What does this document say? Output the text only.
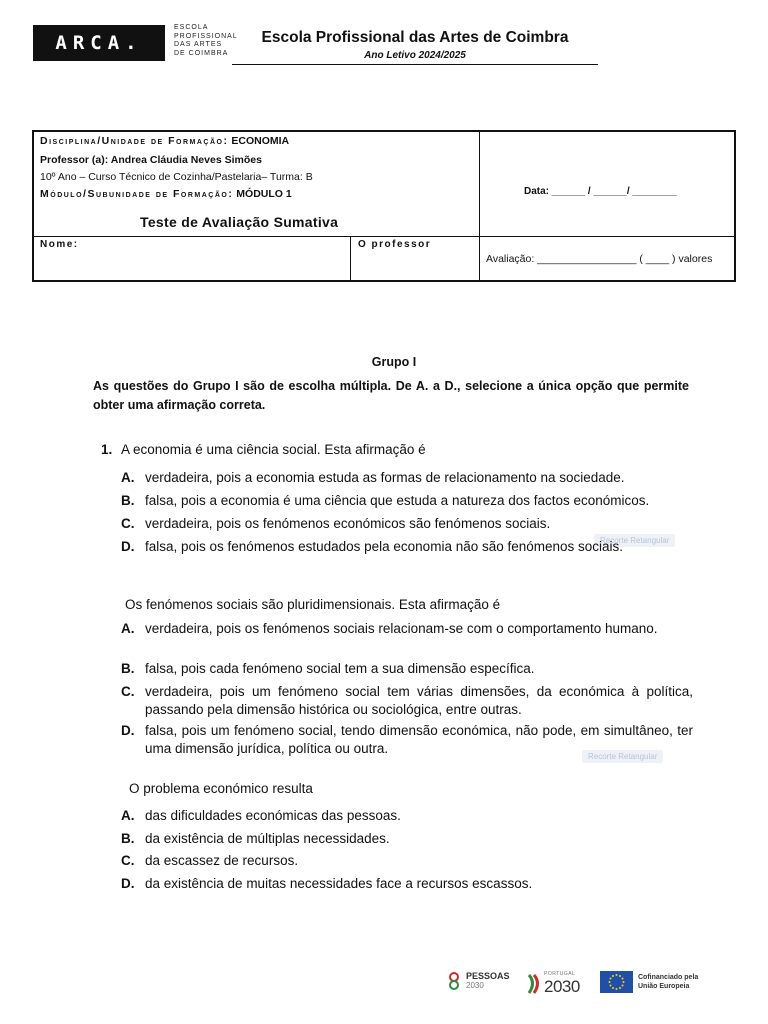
ARCA.
ESCOLA
PROFISSIONAL
DAS ARTES
DE COIMBRA
Escola Profissional das Artes de Coimbra
Ano Letivo 2024/2025
Disciplina/Unidade de Formação: ECONOMIA
Professor (a): Andrea Cláudia Neves Simões
10º Ano – Curso Técnico de Cozinha/Pastelaria– Turma: B
Módulo/Subunidade de Formação: MÓDULO 1
Teste de Avaliação Sumativa
Data: ______ / ______/ ________
Nome:	O professor
Avaliação: _________________ ( ____ ) valores
Grupo I
As questões do Grupo I são de escolha múltipla. De A. a D., selecione a única opção que permite obter uma afirmação correta.
1. A economia é uma ciência social. Esta afirmação é
A. verdadeira, pois a economia estuda as formas de relacionamento na sociedade.
B. falsa, pois a economia é uma ciência que estuda a natureza dos factos económicos.
C. verdadeira, pois os fenómenos económicos são fenómenos sociais.
Recorte Retangular
D. falsa, pois os fenómenos estudados pela economia não são fenómenos sociais.
Os fenómenos sociais são pluridimensionais. Esta afirmação é
A. verdadeira, pois os fenómenos sociais relacionam-se com o comportamento humano.
B. falsa, pois cada fenómeno social tem a sua dimensão específica.
C. verdadeira, pois um fenómeno social tem várias dimensões, da económica à política, passando pela dimensão histórica ou sociológica, entre outras.
D. falsa, pois um fenómeno social, tendo dimensão económica, não pode, em simultâneo, ter uma dimensão jurídica, política ou outra.
Recorte Retangular
O problema económico resulta
A. das dificuldades económicas das pessoas.
B. da existência de múltiplas necessidades.
C. da escassez de recursos.
D. da existência de muitas necessidades face a recursos escassos.
PESSOAS
2030
PORTUGAL
2030	Cofinanciado pela
União Europeia
